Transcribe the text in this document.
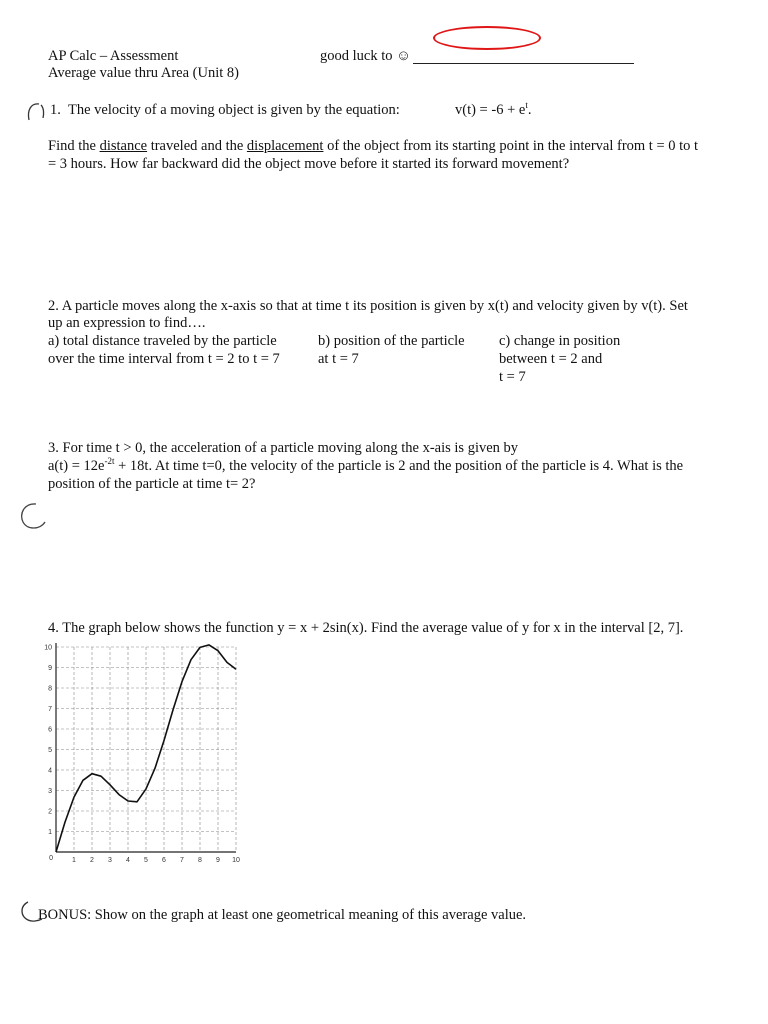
AP Calc – Assessment
Average value thru Area (Unit 8)
good luck to ☺
1. The velocity of a moving object is given by the equation:	$v(t) = -6 + e^t$.
Find the distance traveled and the displacement of the object from its starting point in the interval from t = 0 to t
= 3 hours. How far backward did the object move before it started its forward movement?
2. A particle moves along the x-axis so that at time t its position is given by x(t) and velocity given by v(t). Set
up an expression to find….
a) total distance traveled by the particle
over the time interval from t = 2 to t = 7
b) position of the particle
at t = 7
c) change in position
between t = 2 and
t = 7
3. For time t > 0, the acceleration of a particle moving along the x-ais is given by
$a(t) = 12e^{-2t} + 18t$. At time t=0, the velocity of the particle is 2 and the position of the particle is 4. What is the
position of the particle at time t= 2?
4. The graph below shows the function y = x + 2sin(x). Find the average value of y for x in the interval [2, 7].
1
2
3
4
5
6
7
8
9
10
1 2 3 4 5 6 7 8 9 10
0
BONUS: Show on the graph at least one geometrical meaning of this average value.
